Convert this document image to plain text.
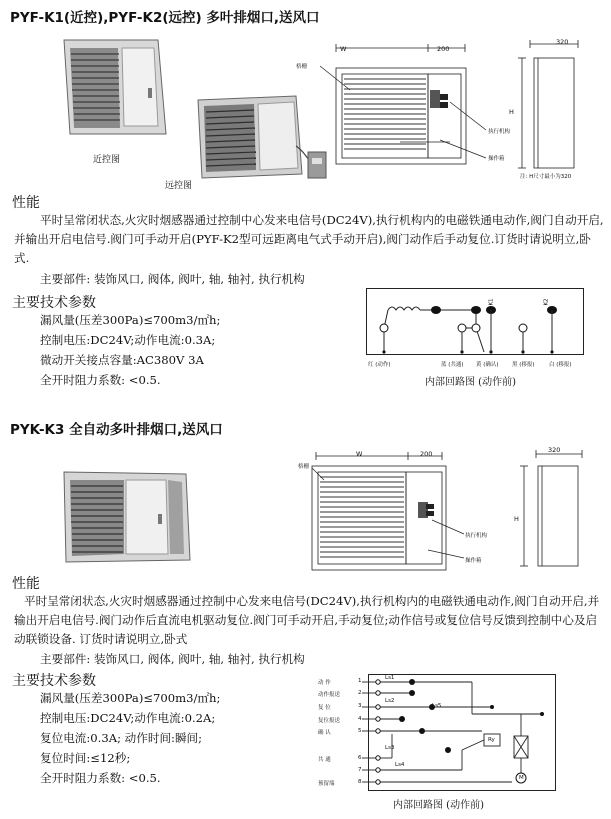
PYF-K1(近控),PYF-K2(远控) 多叶排烟口,送风口
近控图
远控图
W	200
320
H
格栅
执行机构
操作箱
注: H尺寸最小为320
性能
平时呈常闭状态,火灾时烟感器通过控制中心发来电信号(DC24V),执行机构内的电磁铁通电动作,阀门自动开启,并输出开启电信号.阀门可手动开启(PYF-K2型可远距离电气式手动开启),阀门动作后手动复位.订货时请说明立,卧式.
主要部件: 装饰风口, 阀体, 阀叶, 轴, 轴衬, 执行机构
主要技术参数
漏风量(压差300Pa)≤700m3/㎡h;
控制电压:DC24V;动作电流:0.3A;
微动开关接点容量:AC380V 3A
全开时阻力系数: <0.5.
K1	K2
红 (动作)	蓝 (共通) 黄 (确认) 黑 (移报)	白 (移报)
内部回路图 (动作前)
PYK-K3 全自动多叶排烟口,送风口
W	200	320
H
格栅
执行机构
操作箱
性能
平时呈常闭状态,火灾时烟感器通过控制中心发来电信号(DC24V),执行机构内的电磁铁通电动作,阀门自动开启,并输出开启电信号.阀门动作后直流电机驱动复位.阀门可手动开启,手动复位;动作信号或复位信号反馈到控制中心及启动联锁设备. 订货时请说明立,卧式
主要部件: 装饰风口, 阀体, 阀叶, 轴, 轴衬, 执行机构
主要技术参数
漏风量(压差300Pa)≤700m3/㎡h;
控制电压:DC24V;动作电流:0.2A;
复位电流:0.3A; 动作时间:瞬间;
复位时间:≤12秒;
全开时阻力系数: <0.5.
动 作
动作报送
复 位
复位报送
确 认
共 通
预留端
1
2
3
4
5
6
7
8
Ls1
Ls2
Ls3
Ls4
Ls5
Ry
M
内部回路图 (动作前)
